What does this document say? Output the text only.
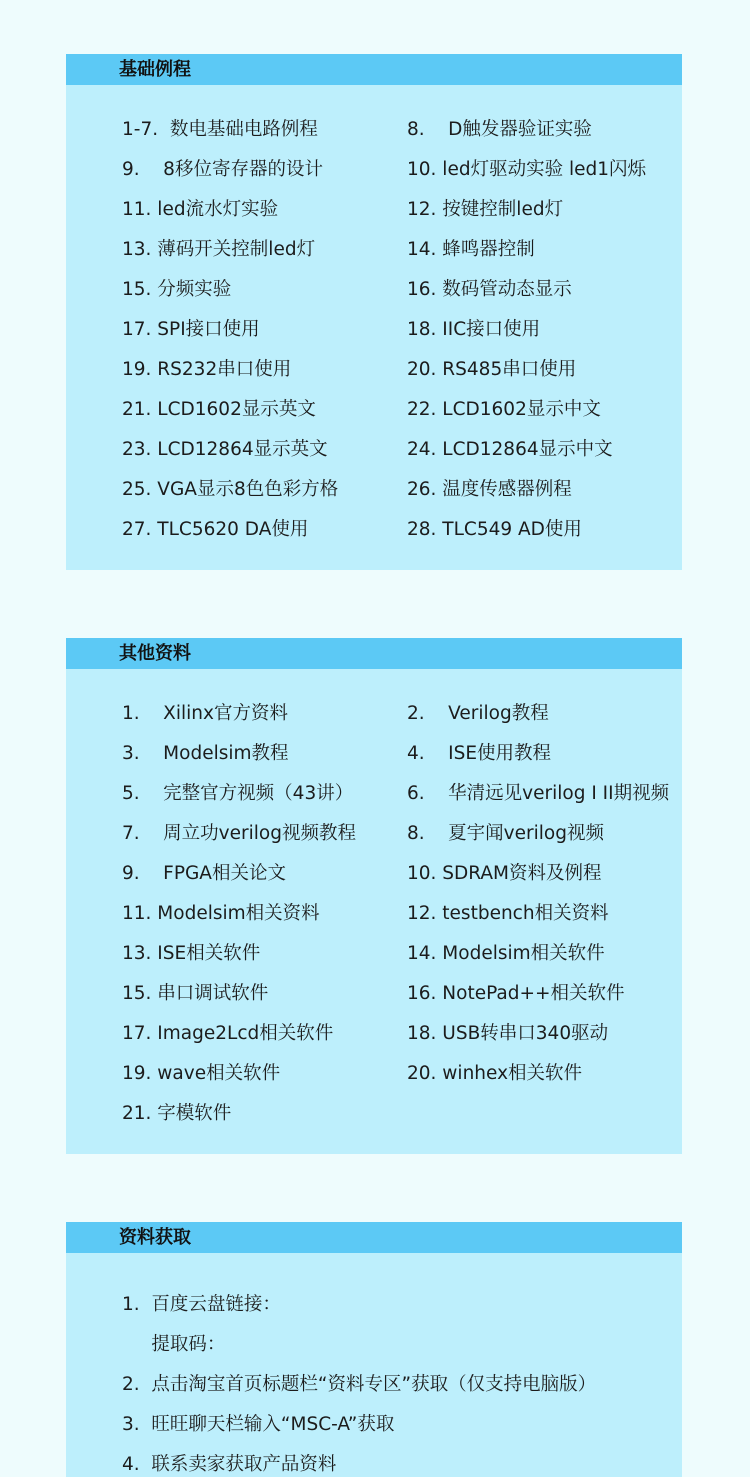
基础例程
1-7.  数电基础电路例程	8.    D触发器验证实验
9.    8移位寄存器的设计	10. led灯驱动实验 led1闪烁
11. led流水灯实验	12. 按键控制led灯
13. 薄码开关控制led灯	14. 蜂鸣器控制
15. 分频实验	16. 数码管动态显示
17. SPI接口使用	18. IIC接口使用
19. RS232串口使用	20. RS485串口使用
21. LCD1602显示英文	22. LCD1602显示中文
23. LCD12864显示英文	24. LCD12864显示中文
25. VGA显示8色色彩方格	26. 温度传感器例程
27. TLC5620 DA使用	28. TLC549 AD使用
其他资料
1.    Xilinx官方资料	2.    Verilog教程
3.    Modelsim教程	4.    ISE使用教程
5.    完整官方视频（43讲）	6.    华清远见verilog I II期视频
7.    周立功verilog视频教程	8.    夏宇闻verilog视频
9.    FPGA相关论文	10. SDRAM资料及例程
11. Modelsim相关资料	12. testbench相关资料
13. ISE相关软件	14. Modelsim相关软件
15. 串口调试软件	16. NotePad++相关软件
17. Image2Lcd相关软件	18. USB转串口340驱动
19. wave相关软件	20. winhex相关软件
21. 字模软件
资料获取
1.  百度云盘链接：
提取码：
2.  点击淘宝首页标题栏“资料专区”获取（仅支持电脑版）
3.  旺旺聊天栏输入“MSC-A”获取
4.  联系卖家获取产品资料
